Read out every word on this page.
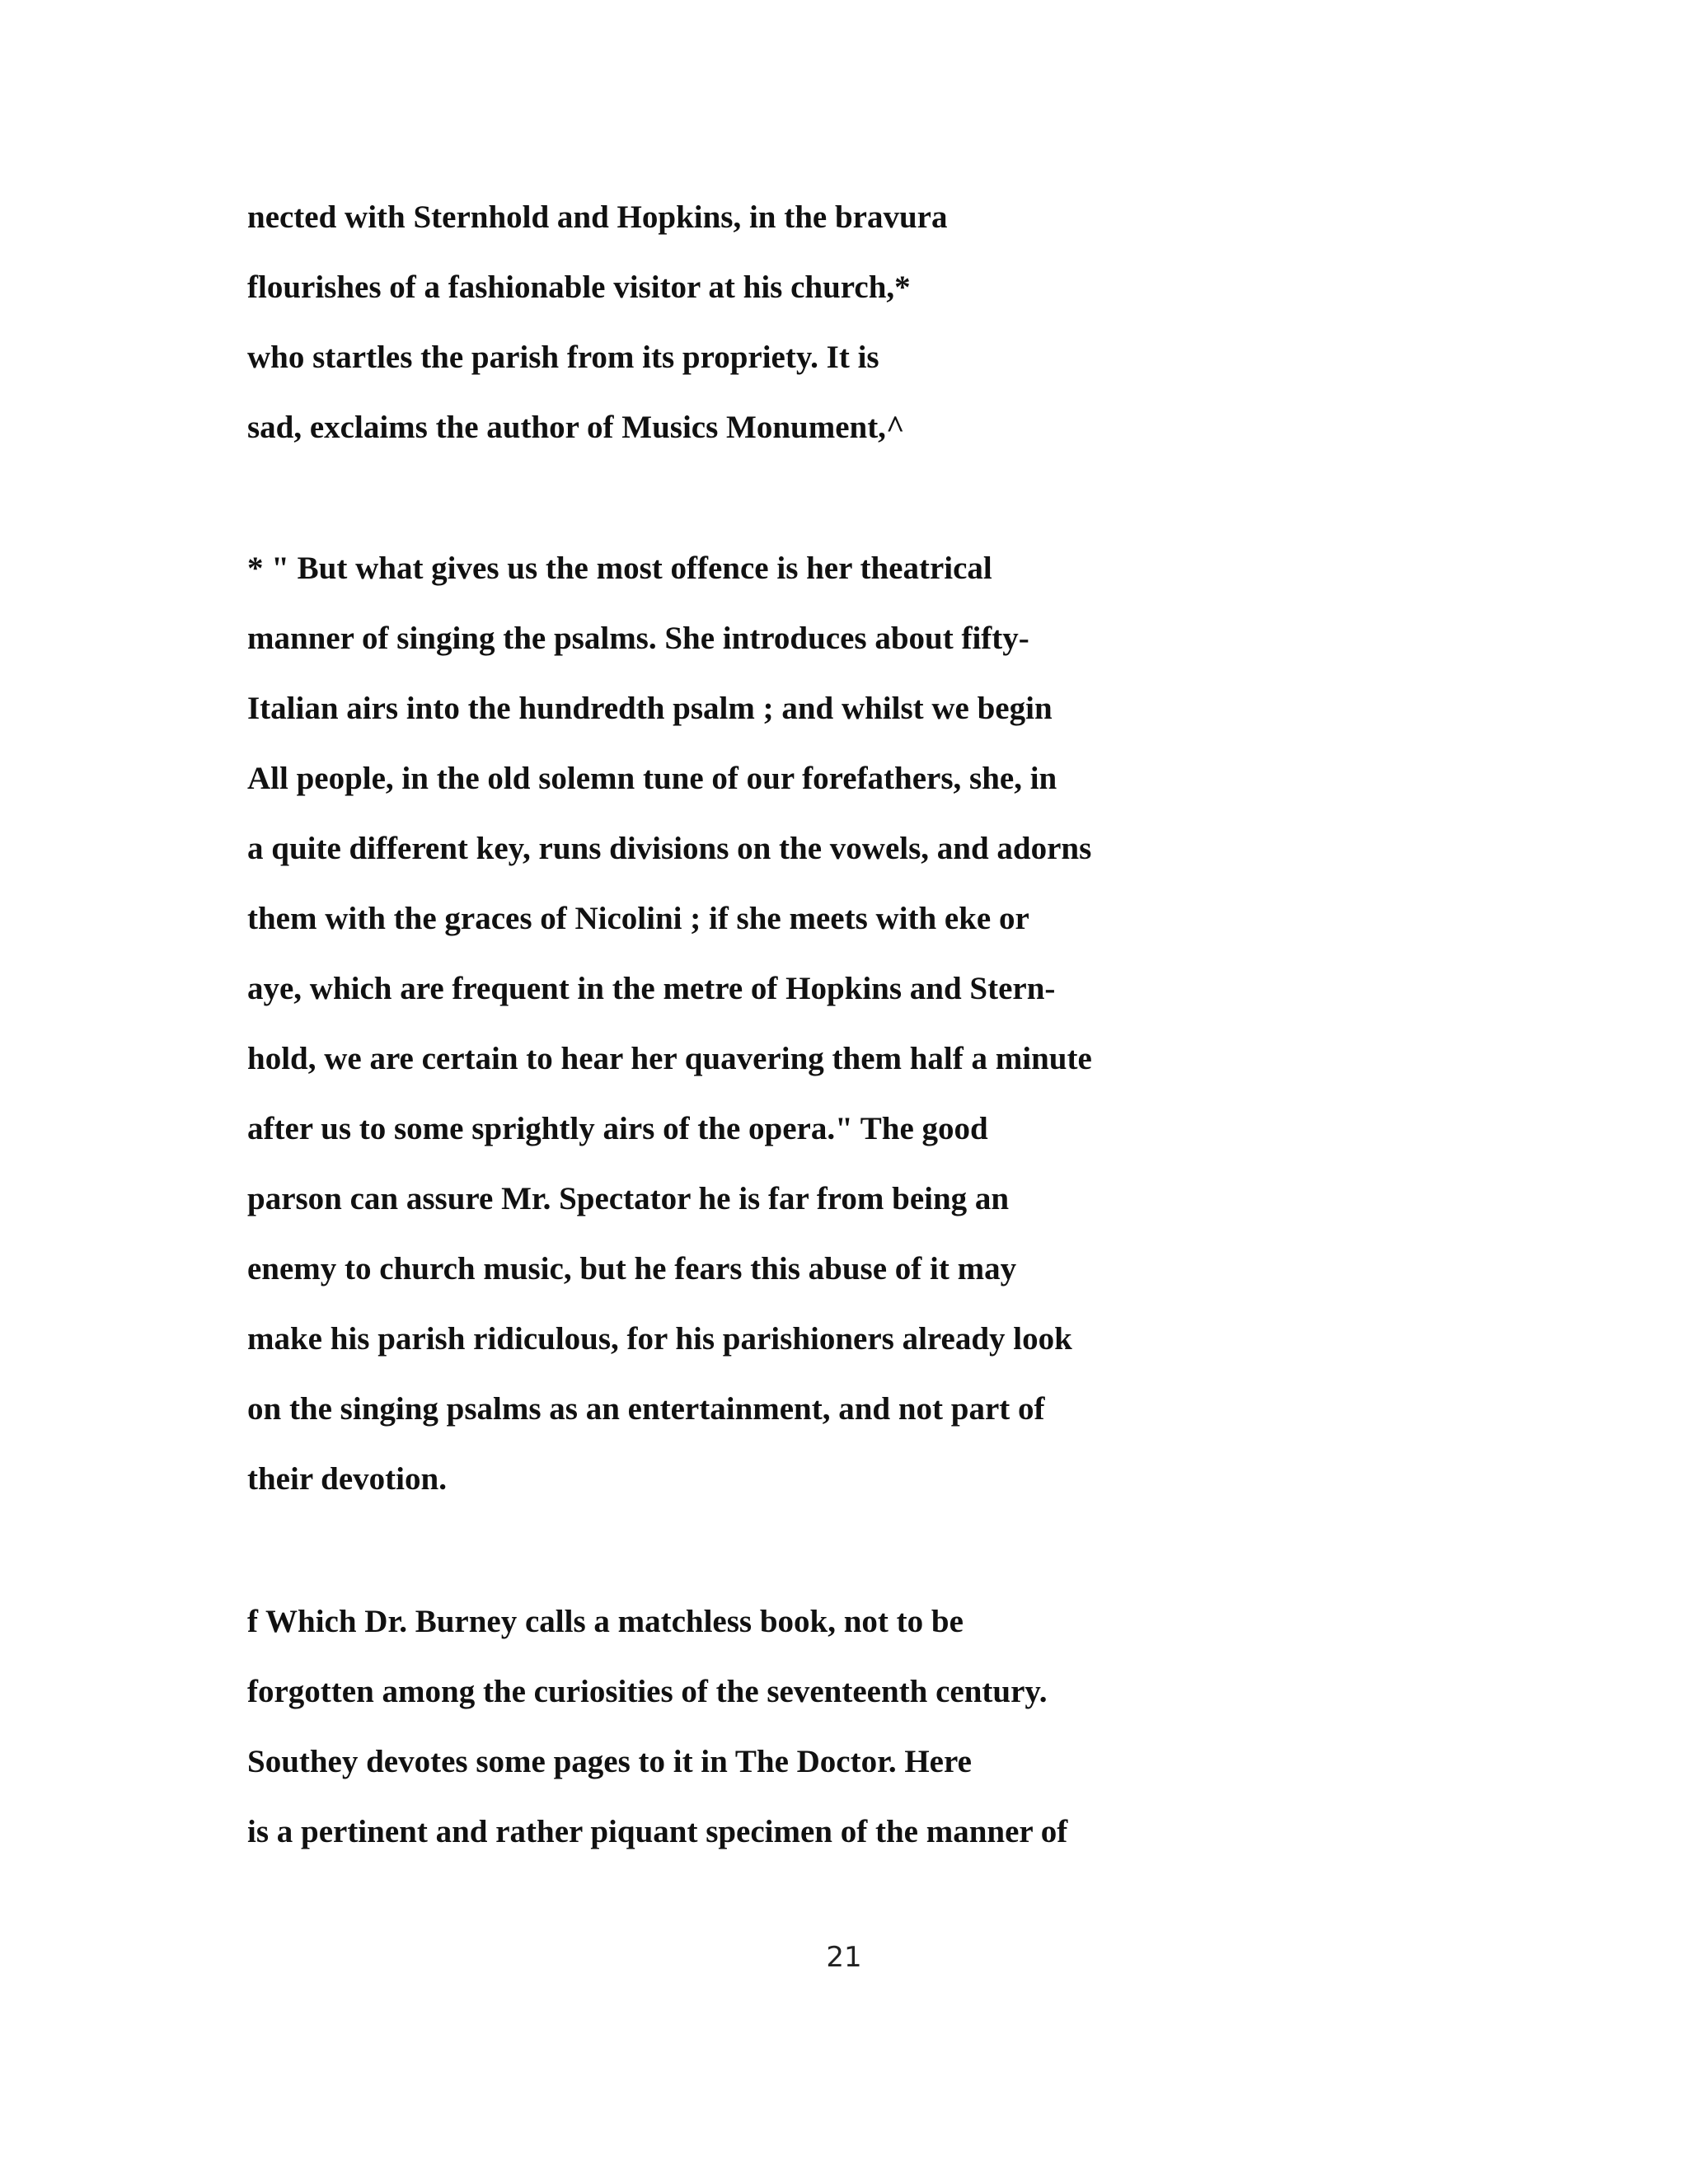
nected with Sternhold and Hopkins, in the bravura
flourishes of a fashionable visitor at his church,*
who startles the parish from its propriety. It is
sad, exclaims the author of Musics Monument,^
* " But what gives us the most offence is her theatrical
manner of singing the psalms. She introduces about fifty-
Italian airs into the hundredth psalm ; and whilst we begin
All people, in the old solemn tune of our forefathers, she, in
a quite different key, runs divisions on the vowels, and adorns
them with the graces of Nicolini ; if she meets with eke or
aye, which are frequent in the metre of Hopkins and Stern-
hold, we are certain to hear her quavering them half a minute
after us to some sprightly airs of the opera." The good
parson can assure Mr. Spectator he is far from being an
enemy to church music, but he fears this abuse of it may
make his parish ridiculous, for his parishioners already look
on the singing psalms as an entertainment, and not part of
their devotion.
f Which Dr. Burney calls a matchless book, not to be
forgotten among the curiosities of the seventeenth century.
Southey devotes some pages to it in The Doctor. Here
is a pertinent and rather piquant specimen of the manner of
21
